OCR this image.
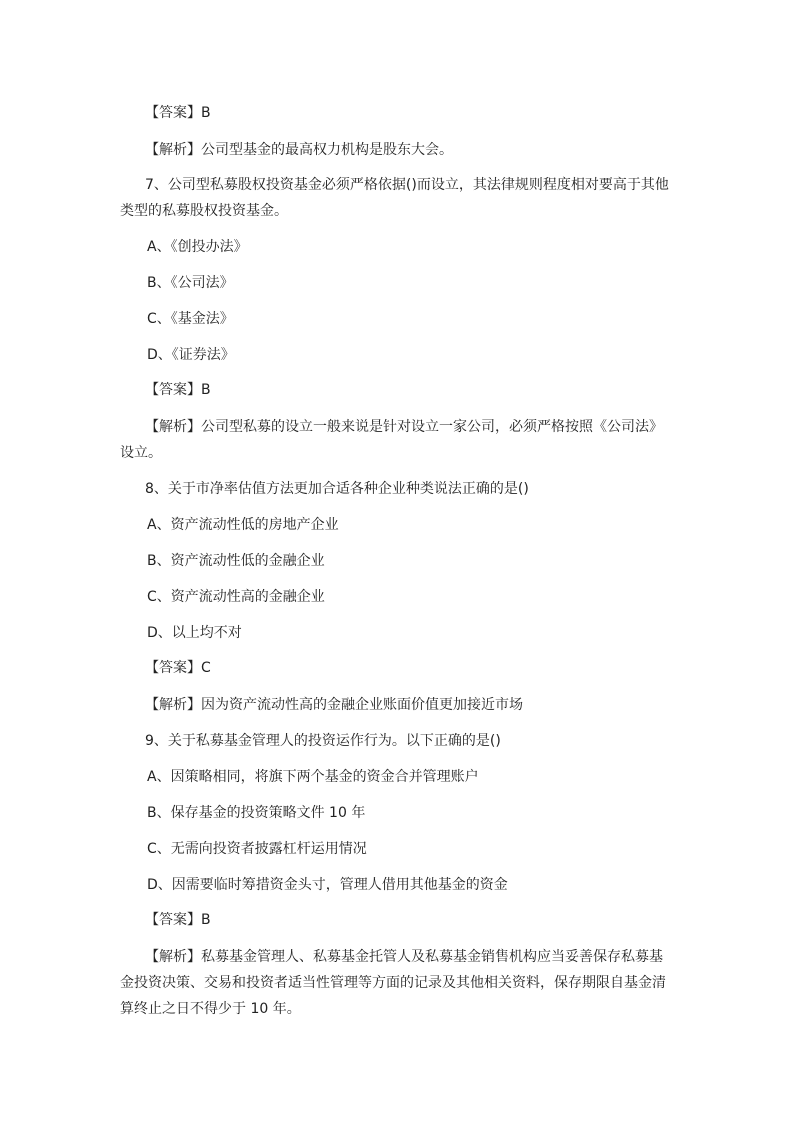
【答案】B
【解析】公司型基金的最高权力机构是股东大会。
7、公司型私募股权投资基金必须严格依据()而设立，其法律规则程度相对要高于其他
类型的私募股权投资基金。
A、《创投办法》
B、《公司法》
C、《基金法》
D、《证券法》
【答案】B
【解析】公司型私募的设立一般来说是针对设立一家公司，必须严格按照《公司法》
设立。
8、关于市净率估值方法更加合适各种企业种类说法正确的是()
A、资产流动性低的房地产企业
B、资产流动性低的金融企业
C、资产流动性高的金融企业
D、以上均不对
【答案】C
【解析】因为资产流动性高的金融企业账面价值更加接近市场
9、关于私募基金管理人的投资运作行为。以下正确的是()
A、因策略相同，将旗下两个基金的资金合并管理账户
B、保存基金的投资策略文件 10 年
C、无需向投资者披露杠杆运用情况
D、因需要临时筹措资金头寸，管理人借用其他基金的资金
【答案】B
【解析】私募基金管理人、私募基金托管人及私募基金销售机构应当妥善保存私募基
金投资决策、交易和投资者适当性管理等方面的记录及其他相关资料，保存期限自基金清
算终止之日不得少于 10 年。
